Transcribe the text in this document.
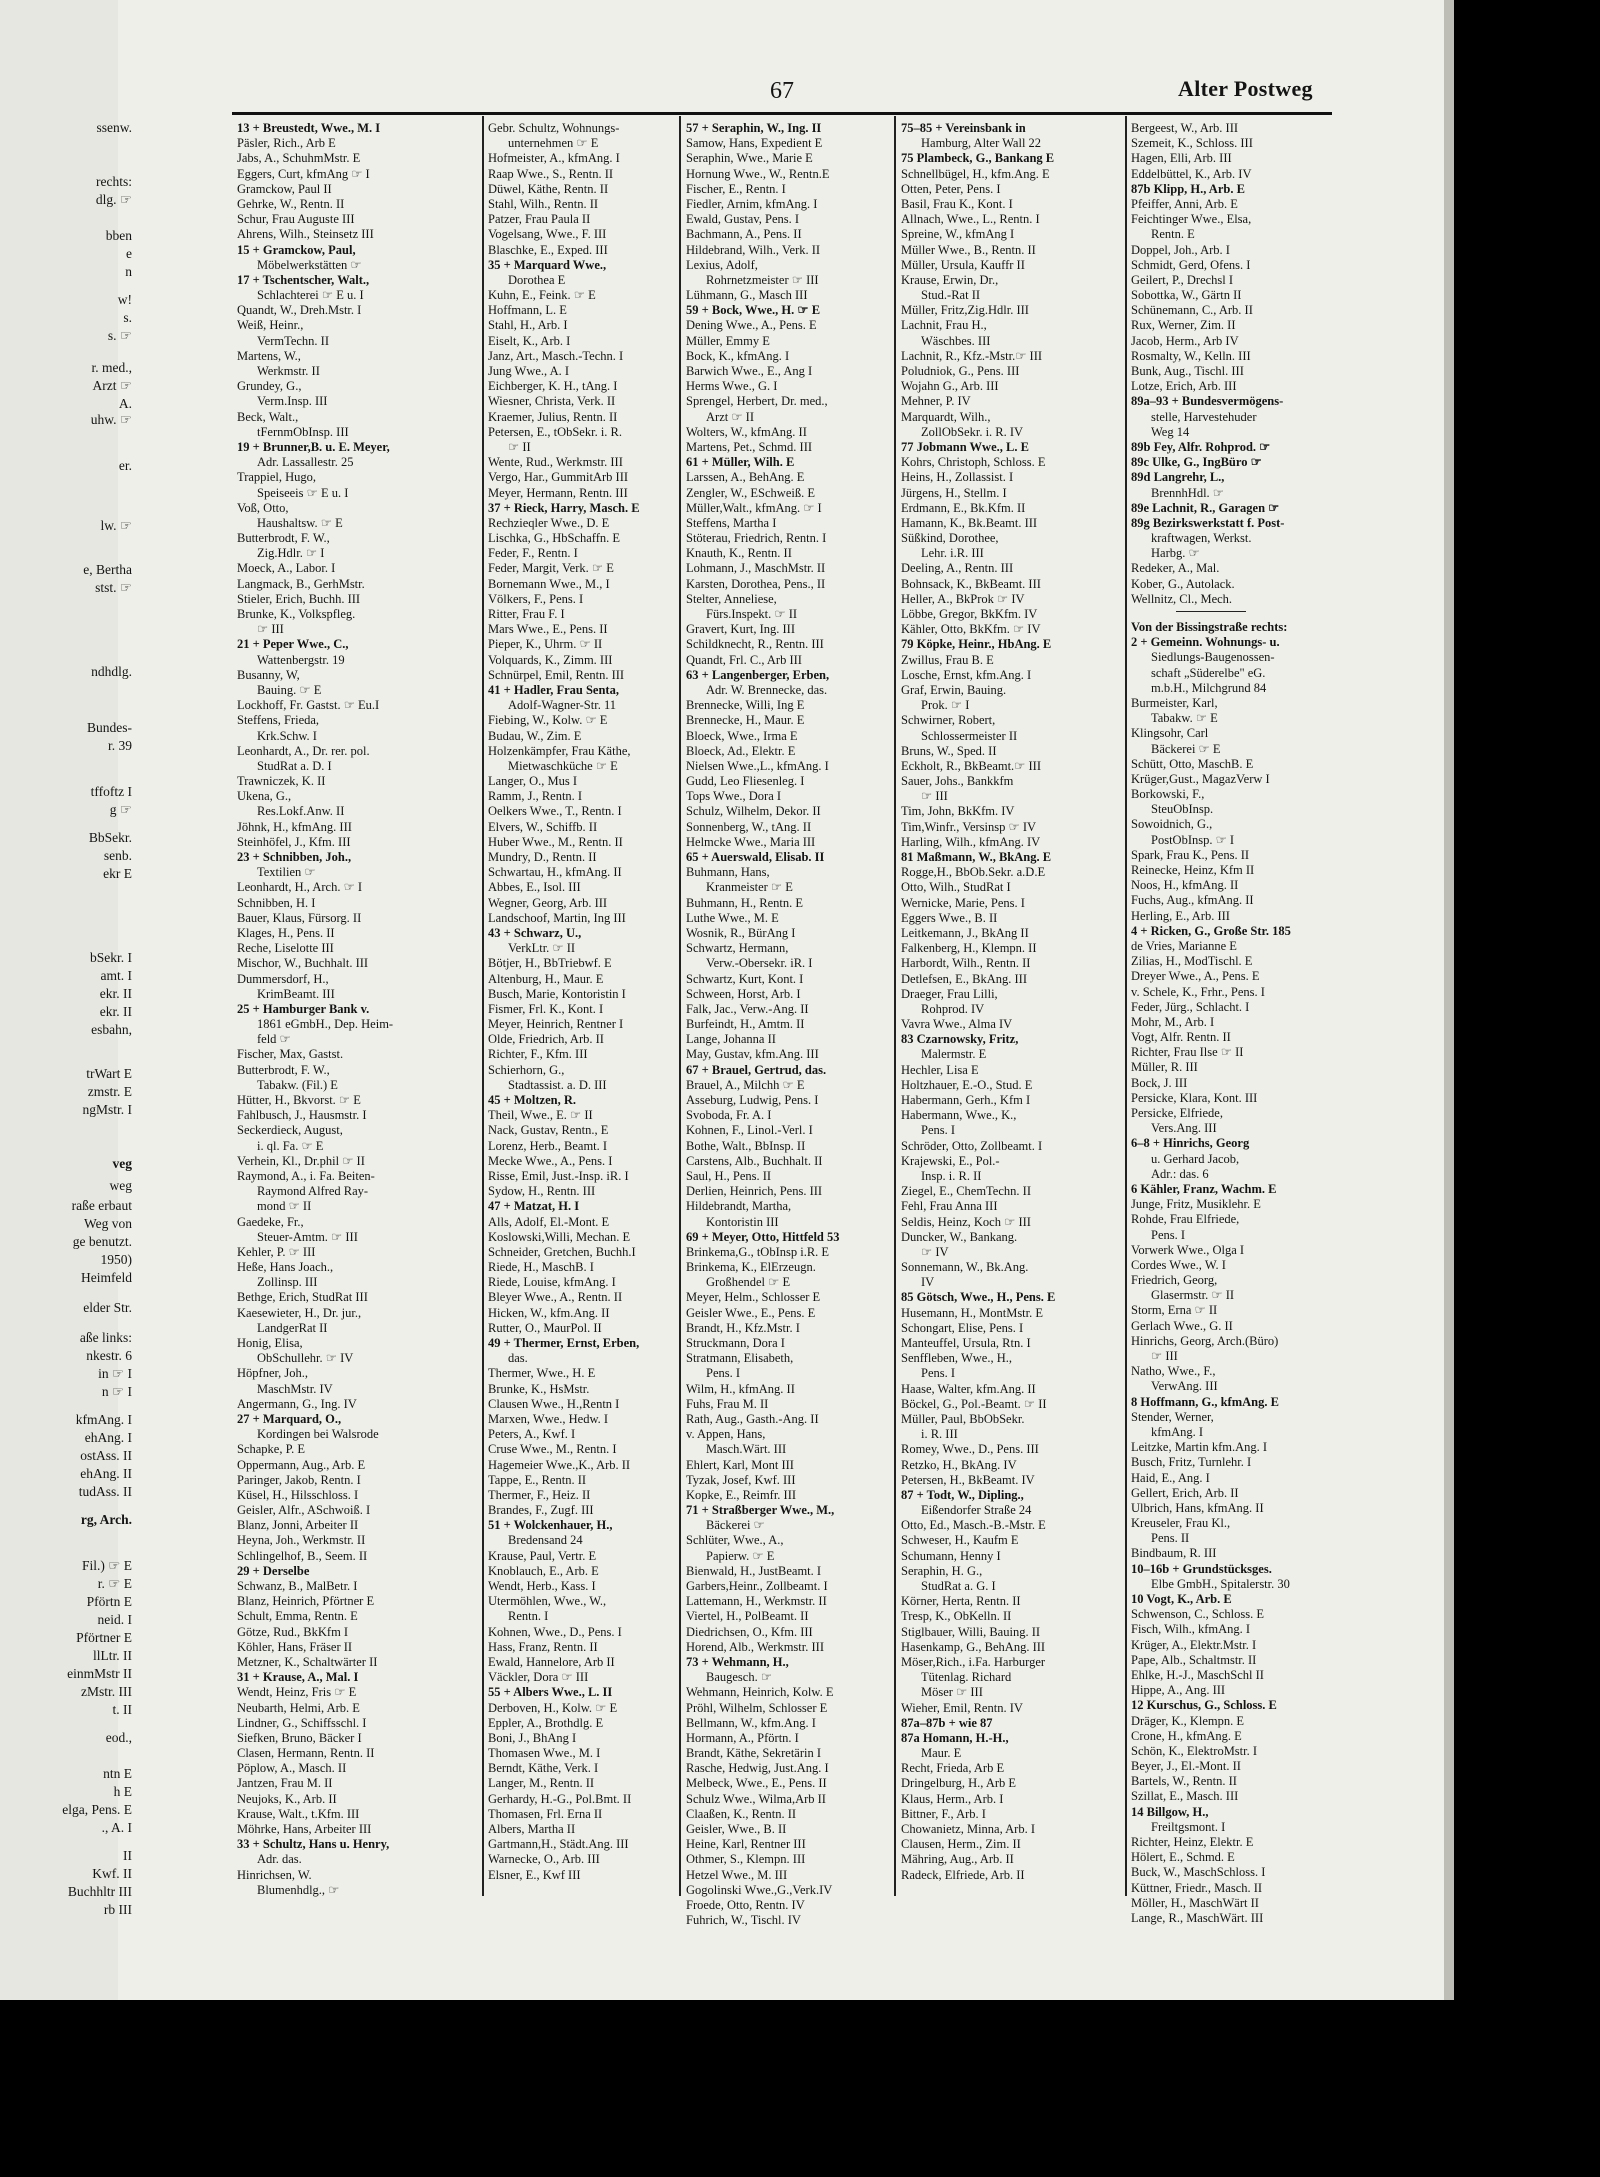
67	Alter Postweg
ssenw.
rechts:
dlg. ☞
bben
e
n
w!
s.
s. ☞
r. med.,
Arzt ☞
A.
uhw. ☞
er.
lw. ☞
e, Bertha
stst. ☞
ndhdlg.
Bundes-
r. 39
tffoftz I
g ☞
BbSekr.
senb.
ekr E
bSekr. I
amt. I
ekr. II
ekr. II
esbahn,
trWart E
zmstr. E
ngMstr. I
veg
weg
raße erbaut
Weg von
ge benutzt.
1950)
Heimfeld
elder Str.
aße links:
nkestr. 6
in ☞ I
n ☞ I
kfmAng. I
ehAng. I
ostAss. II
ehAng. II
tudAss. II
rg, Arch.
Fil.) ☞ E
r. ☞ E
Pförtn E
neid. I
Pförtner E
llLtr. II
einmMstr II
zMstr. III
t. II
eod.,
ntn E
h E
elga, Pens. E
., A. I
II
Kwf. II
Buchhltr III
rb III
13 + Breustedt, Wwe., M. I
Päsler, Rich., Arb E
Jabs, A., SchuhmMstr. E
Eggers, Curt, kfmAng ☞ I
Gramckow, Paul II
Gehrke, W., Rentn. II
Schur, Frau Auguste III
Ahrens, Wilh., Steinsetz III
15 + Gramckow, Paul,
Möbelwerkstätten ☞
17 + Tschentscher, Walt.,
Schlachterei ☞ E u. I
Quandt, W., Dreh.Mstr. I
Weiß, Heinr.,
VermTechn. II
Martens, W.,
Werkmstr. II
Grundey, G.,
Verm.Insp. III
Beck, Walt.,
tFernmObInsp. III
19 + Brunner,B. u. E. Meyer,
Adr. Lassallestr. 25
Trappiel, Hugo,
Speiseeis ☞ E u. I
Voß, Otto,
Haushaltsw. ☞ E
Butterbrodt, F. W.,
Zig.Hdlr. ☞ I
Moeck, A., Labor. I
Langmack, B., GerhMstr.
Stieler, Erich, Buchh. III
Brunke, K., Volkspfleg.
☞ III
21 + Peper Wwe., C.,
Wattenbergstr. 19
Busanny, W,
Bauing. ☞ E
Lockhoff, Fr. Gastst. ☞ Eu.I
Steffens, Frieda,
Krk.Schw. I
Leonhardt, A., Dr. rer. pol.
StudRat a. D. I
Trawniczek, K. II
Ukena, G.,
Res.Lokf.Anw. II
Jöhnk, H., kfmAng. III
Steinhöfel, J., Kfm. III
23 + Schnibben, Joh.,
Textilien ☞
Leonhardt, H., Arch. ☞ I
Schnibben, H. I
Bauer, Klaus, Fürsorg. II
Klages, H., Pens. II
Reche, Liselotte III
Mischor, W., Buchhalt. III
Dummersdorf, H.,
KrimBeamt. III
25 + Hamburger Bank v.
1861 eGmbH., Dep. Heim-
feld ☞
Fischer, Max, Gastst.
Butterbrodt, F. W.,
Tabakw. (Fil.) E
Hütter, H., Bkvorst. ☞ E
Fahlbusch, J., Hausmstr. I
Seckerdieck, August,
i. ql. Fa. ☞ E
Verhein, Kl., Dr.phil ☞ II
Raymond, A., i. Fa. Beiten-
Raymond Alfred Ray-
mond ☞ II
Gaedeke, Fr.,
Steuer-Amtm. ☞ III
Kehler, P. ☞ III
Heße, Hans Joach.,
Zollinsp. III
Bethge, Erich, StudRat III
Kaesewieter, H., Dr. jur.,
LandgerRat II
Honig, Elisa,
ObSchullehr. ☞ IV
Höpfner, Joh.,
MaschMstr. IV
Angermann, G., Ing. IV
27 + Marquard, O.,
Kordingen bei Walsrode
Schapke, P. E
Oppermann, Aug., Arb. E
Paringer, Jakob, Rentn. I
Küsel, H., Hilsschloss. I
Geisler, Alfr., ASchwoiß. I
Blanz, Jonni, Arbeiter II
Heyna, Joh., Werkmstr. II
Schlingelhof, B., Seem. II
29 + Derselbe
Schwanz, B., MalBetr. I
Blanz, Heinrich, Pförtner E
Schult, Emma, Rentn. E
Götze, Rud., BkKfm I
Köhler, Hans, Fräser II
Metzner, K., Schaltwärter II
31 + Krause, A., Mal. I
Wendt, Heinz, Fris ☞ E
Neubarth, Helmi, Arb. E
Lindner, G., Schiffsschl. I
Siefken, Bruno, Bäcker I
Clasen, Hermann, Rentn. II
Pöplow, A., Masch. II
Jantzen, Frau M. II
Neujoks, K., Arb. II
Krause, Walt., t.Kfm. III
Möhrke, Hans, Arbeiter III
33 + Schultz, Hans u. Henry,
Adr. das.
Hinrichsen, W.
Blumenhdlg., ☞
Gebr. Schultz, Wohnungs-
unternehmen ☞ E
Hofmeister, A., kfmAng. I
Raap Wwe., S., Rentn. II
Düwel, Käthe, Rentn. II
Stahl, Wilh., Rentn. II
Patzer, Frau Paula II
Vogelsang, Wwe., F. III
Blaschke, E., Exped. III
35 + Marquard Wwe.,
Dorothea E
Kuhn, E., Feink. ☞ E
Hoffmann, L. E
Stahl, H., Arb. I
Eiselt, K., Arb. I
Janz, Art., Masch.-Techn. I
Jung Wwe., A. I
Eichberger, K. H., tAng. I
Wiesner, Christa, Verk. II
Kraemer, Julius, Rentn. II
Petersen, E., tObSekr. i. R.
☞ II
Wente, Rud., Werkmstr. III
Vergo, Har., GummitArb III
Meyer, Hermann, Rentn. III
37 + Rieck, Harry, Masch. E
Rechzieqler Wwe., D. E
Lischka, G., HbSchaffn. E
Feder, F., Rentn. I
Feder, Margit, Verk. ☞ E
Bornemann Wwe., M., I
Völkers, F., Pens. I
Ritter, Frau F. I
Mars Wwe., E., Pens. II
Pieper, K., Uhrm. ☞ II
Volquards, K., Zimm. III
Schnürpel, Emil, Rentn. III
41 + Hadler, Frau Senta,
Adolf-Wagner-Str. 11
Fiebing, W., Kolw. ☞ E
Budau, W., Zim. E
Holzenkämpfer, Frau Käthe,
Mietwaschküche ☞ E
Langer, O., Mus I
Ramm, J., Rentn. I
Oelkers Wwe., T., Rentn. I
Elvers, W., Schiffb. II
Huber Wwe., M., Rentn. II
Mundry, D., Rentn. II
Schwartau, H., kfmAng. II
Abbes, E., Isol. III
Wegner, Georg, Arb. III
Landschoof, Martin, Ing III
43 + Schwarz, U.,
VerkLtr. ☞ II
Bötjer, H., BbTriebwf. E
Altenburg, H., Maur. E
Busch, Marie, Kontoristin I
Fismer, Frl. K., Kont. I
Meyer, Heinrich, Rentner I
Olde, Friedrich, Arb. II
Richter, F., Kfm. III
Schierhorn, G.,
Stadtassist. a. D. III
45 + Moltzen, R.
Theil, Wwe., E. ☞ II
Nack, Gustav, Rentn., E
Lorenz, Herb., Beamt. I
Mecke Wwe., A., Pens. I
Risse, Emil, Just.-Insp. iR. I
Sydow, H., Rentn. III
47 + Matzat, H. I
Alls, Adolf, El.-Mont. E
Koslowski,Willi, Mechan. E
Schneider, Gretchen, Buchh.I
Riede, H., MaschB. I
Riede, Louise, kfmAng. I
Bleyer Wwe., A., Rentn. II
Hicken, W., kfm.Ang. II
Rutter, O., MaurPol. II
49 + Thermer, Ernst, Erben,
das.
Thermer, Wwe., H. E
Brunke, K., HsMstr.
Clausen Wwe., H.,Rentn I
Marxen, Wwe., Hedw. I
Peters, A., Kwf. I
Cruse Wwe., M., Rentn. I
Hagemeier Wwe.,K., Arb. II
Tappe, E., Rentn. II
Thermer, F., Heiz. II
Brandes, F., Zugf. III
51 + Wolckenhauer, H.,
Bredensand 24
Krause, Paul, Vertr. E
Knoblauch, E., Arb. E
Wendt, Herb., Kass. I
Utermöhlen, Wwe., W.,
Rentn. I
Kohnen, Wwe., D., Pens. I
Hass, Franz, Rentn. II
Ewald, Hannelore, Arb II
Väckler, Dora ☞ III
55 + Albers Wwe., L. II
Derboven, H., Kolw. ☞ E
Eppler, A., Brothdlg. E
Boni, J., BhAng I
Thomasen Wwe., M. I
Berndt, Käthe, Verk. I
Langer, M., Rentn. II
Gerhardy, H.-G., Pol.Bmt. II
Thomasen, Frl. Erna II
Albers, Martha II
Gartmann,H., Städt.Ang. III
Warnecke, O., Arb. III
Elsner, E., Kwf III
57 + Seraphin, W., Ing. II
Samow, Hans, Expedient E
Seraphin, Wwe., Marie E
Hornung Wwe., W., Rentn.E
Fischer, E., Rentn. I
Fiedler, Arnim, kfmAng. I
Ewald, Gustav, Pens. I
Bachmann, A., Pens. II
Hildebrand, Wilh., Verk. II
Lexius, Adolf,
Rohrnetzmeister ☞ III
Lühmann, G., Masch III
59 + Bock, Wwe., H. ☞ E
Dening Wwe., A., Pens. E
Müller, Emmy E
Bock, K., kfmAng. I
Barwich Wwe., E., Ang I
Herms Wwe., G. I
Sprengel, Herbert, Dr. med.,
Arzt ☞ II
Wolters, W., kfmAng. II
Martens, Pet., Schmd. III
61 + Müller, Wilh. E
Larssen, A., BehAng. E
Zengler, W., ESchweiß. E
Müller,Walt., kfmAng. ☞ I
Steffens, Martha I
Stöterau, Friedrich, Rentn. I
Knauth, K., Rentn. II
Lohmann, J., MaschMstr. II
Karsten, Dorothea, Pens., II
Stelter, Anneliese,
Fürs.Inspekt. ☞ II
Gravert, Kurt, Ing. III
Schildknecht, R., Rentn. III
Quandt, Frl. C., Arb III
63 + Langenberger, Erben,
Adr. W. Brennecke, das.
Brennecke, Willi, Ing E
Brennecke, H., Maur. E
Bloeck, Wwe., Irma E
Bloeck, Ad., Elektr. E
Nielsen Wwe.,L., kfmAng. I
Gudd, Leo Fliesenleg. I
Tops Wwe., Dora I
Schulz, Wilhelm, Dekor. II
Sonnenberg, W., tAng. II
Helmcke Wwe., Maria III
65 + Auerswald, Elisab. II
Buhmann, Hans,
Kranmeister ☞ E
Buhmann, H., Rentn. E
Luthe Wwe., M. E
Wosnik, R., BürAng I
Schwartz, Hermann,
Verw.-Obersekr. iR. I
Schwartz, Kurt, Kont. I
Schween, Horst, Arb. I
Falk, Jac., Verw.-Ang. II
Burfeindt, H., Amtm. II
Lange, Johanna II
May, Gustav, kfm.Ang. III
67 + Brauel, Gertrud, das.
Brauel, A., Milchh ☞ E
Asseburg, Ludwig, Pens. I
Svoboda, Fr. A. I
Kohnen, F., Linol.-Verl. I
Bothe, Walt., BbInsp. II
Carstens, Alb., Buchhalt. II
Saul, H., Pens. II
Derlien, Heinrich, Pens. III
Hildebrandt, Martha,
Kontoristin III
69 + Meyer, Otto, Hittfeld 53
Brinkema,G., tObInsp i.R. E
Brinkema, K., ElErzeugn.
Großhendel ☞ E
Meyer, Helm., Schlosser E
Geisler Wwe., E., Pens. E
Brandt, H., Kfz.Mstr. I
Struckmann, Dora I
Stratmann, Elisabeth,
Pens. I
Wilm, H., kfmAng. II
Fuhs, Frau M. II
Rath, Aug., Gasth.-Ang. II
v. Appen, Hans,
Masch.Wärt. III
Ehlert, Karl, Mont III
Tyzak, Josef, Kwf. III
Kopke, E., Reimfr. III
71 + Straßberger Wwe., M.,
Bäckerei ☞
Schlüter, Wwe., A.,
Papierw. ☞ E
Bienwald, H., JustBeamt. I
Garbers,Heinr., Zollbeamt. I
Lattemann, H., Werkmstr. II
Viertel, H., PolBeamt. II
Diedrichsen, O., Kfm. III
Horend, Alb., Werkmstr. III
73 + Wehmann, H.,
Baugesch. ☞
Wehmann, Heinrich, Kolw. E
Pröhl, Wilhelm, Schlosser E
Bellmann, W., kfm.Ang. I
Hormann, A., Pförtn. I
Brandt, Käthe, Sekretärin I
Rasche, Hedwig, Just.Ang. I
Melbeck, Wwe., E., Pens. II
Schulz Wwe., Wilma,Arb II
Claaßen, K., Rentn. II
Geisler, Wwe., B. II
Heine, Karl, Rentner III
Othmer, S., Klempn. III
Hetzel Wwe., M. III
Gogolinski Wwe.,G.,Verk.IV
Froede, Otto, Rentn. IV
Fuhrich, W., Tischl. IV
75–85 + Vereinsbank in
Hamburg, Alter Wall 22
75 Plambeck, G., Bankang E
Schnellbügel, H., kfm.Ang. E
Otten, Peter, Pens. I
Basil, Frau K., Kont. I
Allnach, Wwe., L., Rentn. I
Spreine, W., kfmAng I
Müller Wwe., B., Rentn. II
Müller, Ursula, Kauffr II
Krause, Erwin, Dr.,
Stud.-Rat II
Müller, Fritz,Zig.Hdlr. III
Lachnit, Frau H.,
Wäschbes. III
Lachnit, R., Kfz.-Mstr.☞ III
Poludniok, G., Pens. III
Wojahn G., Arb. III
Mehner, P. IV
Marquardt, Wilh.,
ZollObSekr. i. R. IV
77 Jobmann Wwe., L. E
Kohrs, Christoph, Schloss. E
Heins, H., Zollassist. I
Jürgens, H., Stellm. I
Erdmann, E., Bk.Kfm. II
Hamann, K., Bk.Beamt. III
Süßkind, Dorothee,
Lehr. i.R. III
Deeling, A., Rentn. III
Bohnsack, K., BkBeamt. III
Heller, A., BkProk ☞ IV
Löbbe, Gregor, BkKfm. IV
Kähler, Otto, BkKfm. ☞ IV
79 Köpke, Heinr., HbAng. E
Zwillus, Frau B. E
Losche, Ernst, kfm.Ang. I
Graf, Erwin, Bauing.
Prok. ☞ I
Schwirner, Robert,
Schlossermeister II
Bruns, W., Sped. II
Eckholt, R., BkBeamt.☞ III
Sauer, Johs., Bankkfm
☞ III
Tim, John, BkKfm. IV
Tim,Winfr., Versinsp ☞ IV
Harling, Wilh., kfmAng. IV
81 Maßmann, W., BkAng. E
Rogge,H., BbOb.Sekr. a.D.E
Otto, Wilh., StudRat I
Wernicke, Marie, Pens. I
Eggers Wwe., B. II
Leitkemann, J., BkAng II
Falkenberg, H., Klempn. II
Harbordt, Wilh., Rentn. II
Detlefsen, E., BkAng. III
Draeger, Frau Lilli,
Rohprod. IV
Vavra Wwe., Alma IV
83 Czarnowsky, Fritz,
Malermstr. E
Hechler, Lisa E
Holtzhauer, E.-O., Stud. E
Habermann, Gerh., Kfm I
Habermann, Wwe., K.,
Pens. I
Schröder, Otto, Zollbeamt. I
Krajewski, E., Pol.-
Insp. i. R. II
Ziegel, E., ChemTechn. II
Fehl, Frau Anna III
Seldis, Heinz, Koch ☞ III
Duncker, W., Bankang.
☞ IV
Sonnemann, W., Bk.Ang.
IV
85 Götsch, Wwe., H., Pens. E
Husemann, H., MontMstr. E
Schongart, Elise, Pens. I
Manteuffel, Ursula, Rtn. I
Senffleben, Wwe., H.,
Pens. I
Haase, Walter, kfm.Ang. II
Böckel, G., Pol.-Beamt. ☞ II
Müller, Paul, BbObSekr.
i. R. III
Romey, Wwe., D., Pens. III
Retzko, H., BkAng. IV
Petersen, H., BkBeamt. IV
87 + Todt, W., Dipling.,
Eißendorfer Straße 24
Otto, Ed., Masch.-B.-Mstr. E
Schweser, H., Kaufm E
Schumann, Henny I
Seraphin, H. G.,
StudRat a. G. I
Körner, Herta, Rentn. II
Tresp, K., ObKelln. II
Stiglbauer, Willi, Bauing. II
Hasenkamp, G., BehAng. III
Möser,Rich., i.Fa. Harburger
Tütenlag. Richard
Möser ☞ III
Wieher, Emil, Rentn. IV
87a–87b + wie 87
87a Homann, H.-H.,
Maur. E
Recht, Frieda, Arb E
Dringelburg, H., Arb E
Klaus, Herm., Arb. I
Bittner, F., Arb. I
Chowanietz, Minna, Arb. I
Clausen, Herm., Zim. II
Mähring, Aug., Arb. II
Radeck, Elfriede, Arb. II
Bergeest, W., Arb. III
Szemeit, K., Schloss. III
Hagen, Elli, Arb. III
Eddelbüttel, K., Arb. IV
87b Klipp, H., Arb. E
Pfeiffer, Anni, Arb. E
Feichtinger Wwe., Elsa,
Rentn. E
Doppel, Joh., Arb. I
Schmidt, Gerd, Ofens. I
Geilert, P., Drechsl I
Sobottka, W., Gärtn II
Schünemann, C., Arb. II
Rux, Werner, Zim. II
Jacob, Herm., Arb IV
Rosmalty, W., Kelln. III
Bunk, Aug., Tischl. III
Lotze, Erich, Arb. III
89a–93 + Bundesvermögens-
stelle, Harvestehuder
Weg 14
89b Fey, Alfr. Rohprod. ☞
89c Ulke, G., IngBüro ☞
89d Langrehr, L.,
BrennhHdl. ☞
89e Lachnit, R., Garagen ☞
89g Bezirkswerkstatt f. Post-
kraftwagen, Werkst.
Harbg. ☞
Redeker, A., Mal.
Kober, G., Autolack.
Wellnitz, Cl., Mech.
Von der Bissingstraße rechts:
2 + Gemeinn. Wohnungs- u.
Siedlungs-Baugenossen-
schaft „Süderelbe" eG.
m.b.H., Milchgrund 84
Burmeister, Karl,
Tabakw. ☞ E
Klingsohr, Carl
Bäckerei ☞ E
Schütt, Otto, MaschB. E
Krüger,Gust., MagazVerw I
Borkowski, F.,
SteuObInsp.
Sowoidnich, G.,
PostObInsp. ☞ I
Spark, Frau K., Pens. II
Reinecke, Heinz, Kfm II
Noos, H., kfmAng. II
Fuchs, Aug., kfmAng. II
Herling, E., Arb. III
4 + Ricken, G., Große Str. 185
de Vries, Marianne E
Zilias, H., ModTischl. E
Dreyer Wwe., A., Pens. E
v. Schele, K., Frhr., Pens. I
Feder, Jürg., Schlacht. I
Mohr, M., Arb. I
Vogt, Alfr. Rentn. II
Richter, Frau Ilse ☞ II
Müller, R. III
Bock, J. III
Persicke, Klara, Kont. III
Persicke, Elfriede,
Vers.Ang. III
6–8 + Hinrichs, Georg
u. Gerhard Jacob,
Adr.: das. 6
6 Kähler, Franz, Wachm. E
Junge, Fritz, Musiklehr. E
Rohde, Frau Elfriede,
Pens. I
Vorwerk Wwe., Olga I
Cordes Wwe., W. I
Friedrich, Georg,
Glasermstr. ☞ II
Storm, Erna ☞ II
Gerlach Wwe., G. II
Hinrichs, Georg, Arch.(Büro)
☞ III
Natho, Wwe., F.,
VerwAng. III
8 Hoffmann, G., kfmAng. E
Stender, Werner,
kfmAng. I
Leitzke, Martin kfm.Ang. I
Busch, Fritz, Turnlehr. I
Haid, E., Ang. I
Gellert, Erich, Arb. II
Ulbrich, Hans, kfmAng. II
Kreuseler, Frau Kl.,
Pens. II
Bindbaum, R. III
10–16b + Grundstücksges.
Elbe GmbH., Spitalerstr. 30
10 Vogt, K., Arb. E
Schwenson, C., Schloss. E
Fisch, Wilh., kfmAng. I
Krüger, A., Elektr.Mstr. I
Pape, Alb., Schaltmstr. II
Ehlke, H.-J., MaschSchl II
Hippe, A., Ang. III
12 Kurschus, G., Schloss. E
Dräger, K., Klempn. E
Crone, H., kfmAng. E
Schön, K., ElektroMstr. I
Beyer, J., El.-Mont. II
Bartels, W., Rentn. II
Szillat, E., Masch. III
14 Billgow, H.,
Freiltgsmont. I
Richter, Heinz, Elektr. E
Hölert, E., Schmd. E
Buck, W., MaschSchloss. I
Küttner, Friedr., Masch. II
Möller, H., MaschWärt II
Lange, R., MaschWärt. III
